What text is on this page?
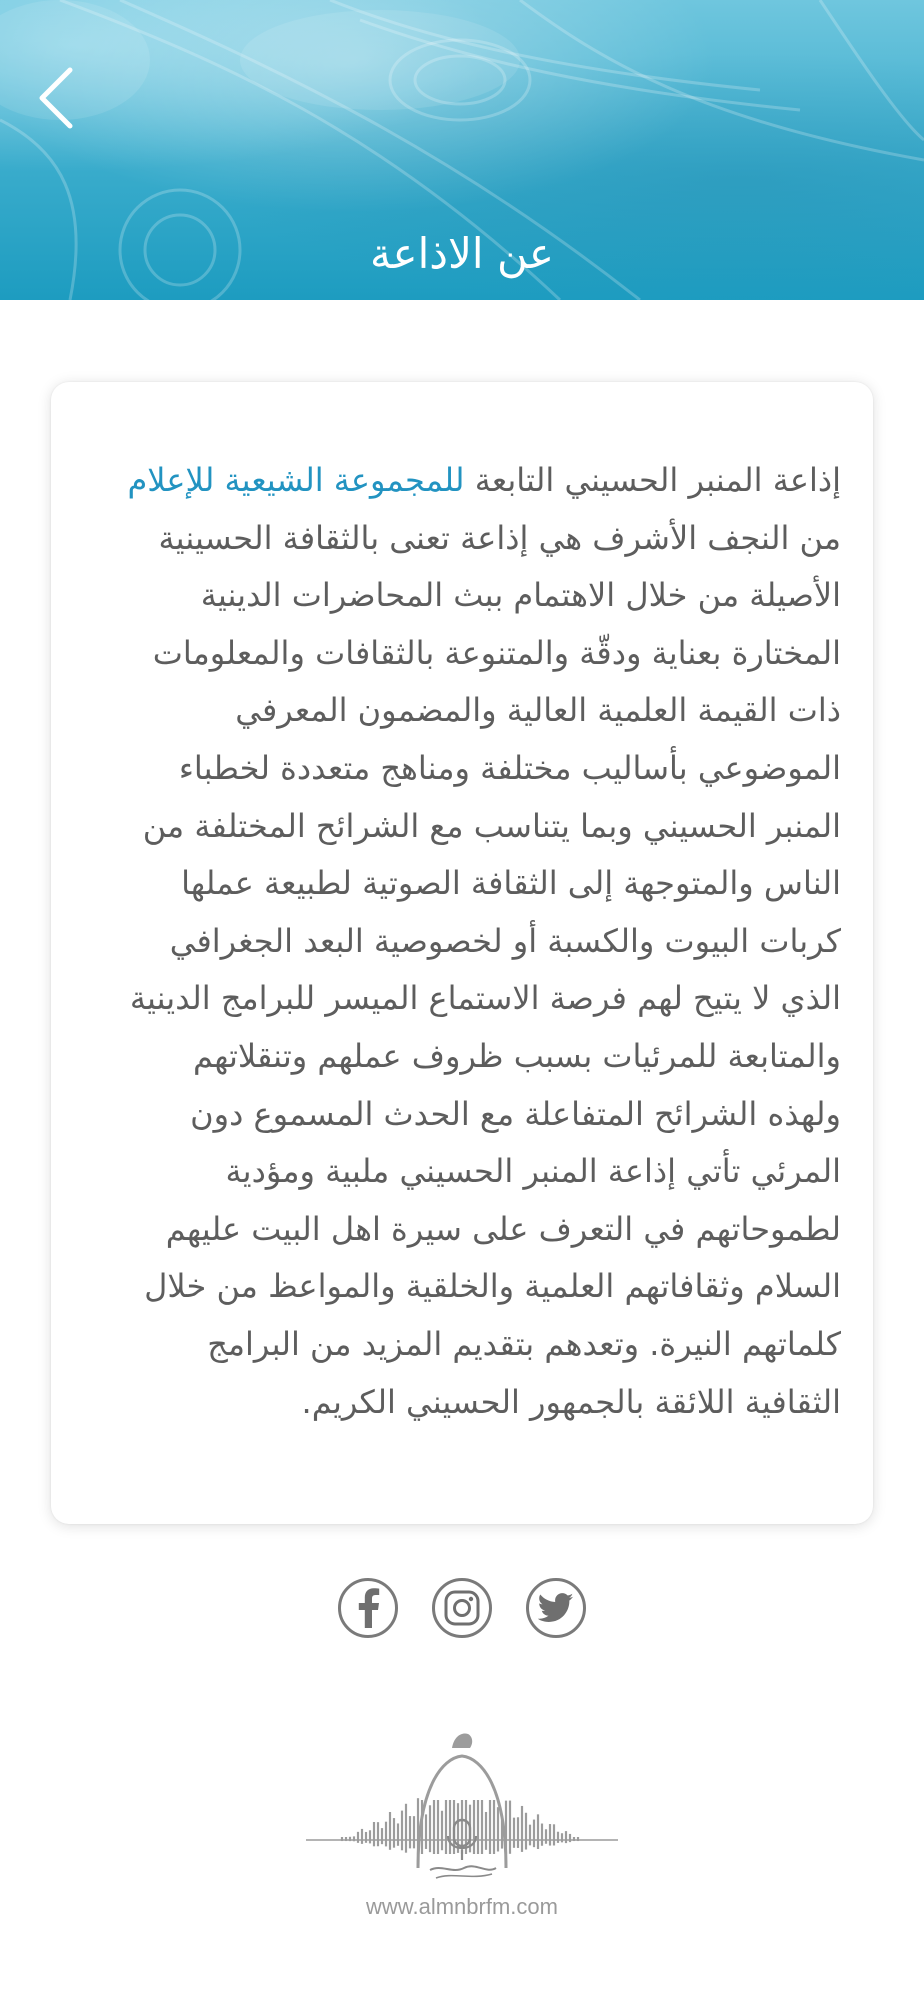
عن الاذاعة
إذاعة المنبر الحسيني التابعة للمجموعة الشيعية للإعلام
من النجف الأشرف هي إذاعة تعنى بالثقافة الحسينية
الأصيلة من خلال الاهتمام ببث المحاضرات الدينية
المختارة بعناية ودقّة والمتنوعة بالثقافات والمعلومات
ذات القيمة العلمية العالية والمضمون المعرفي
الموضوعي بأساليب مختلفة ومناهج متعددة لخطباء
المنبر الحسيني وبما يتناسب مع الشرائح المختلفة من
الناس والمتوجهة إلى الثقافة الصوتية لطبيعة عملها
كربات البيوت والكسبة أو لخصوصية البعد الجغرافي
الذي لا يتيح لهم فرصة الاستماع الميسر للبرامج الدينية
والمتابعة للمرئيات بسبب ظروف عملهم وتنقلاتهم
ولهذه الشرائح المتفاعلة مع الحدث المسموع دون
المرئي تأتي إذاعة المنبر الحسيني ملبية ومؤدية
لطموحاتهم في التعرف على سيرة اهل البيت عليهم
السلام وثقافاتهم العلمية والخلقية والمواعظ من خلال
كلماتهم النيرة. وتعدهم بتقديم المزيد من البرامج
الثقافية اللائقة بالجمهور الحسيني الكريم.
www.almnbrfm.com
